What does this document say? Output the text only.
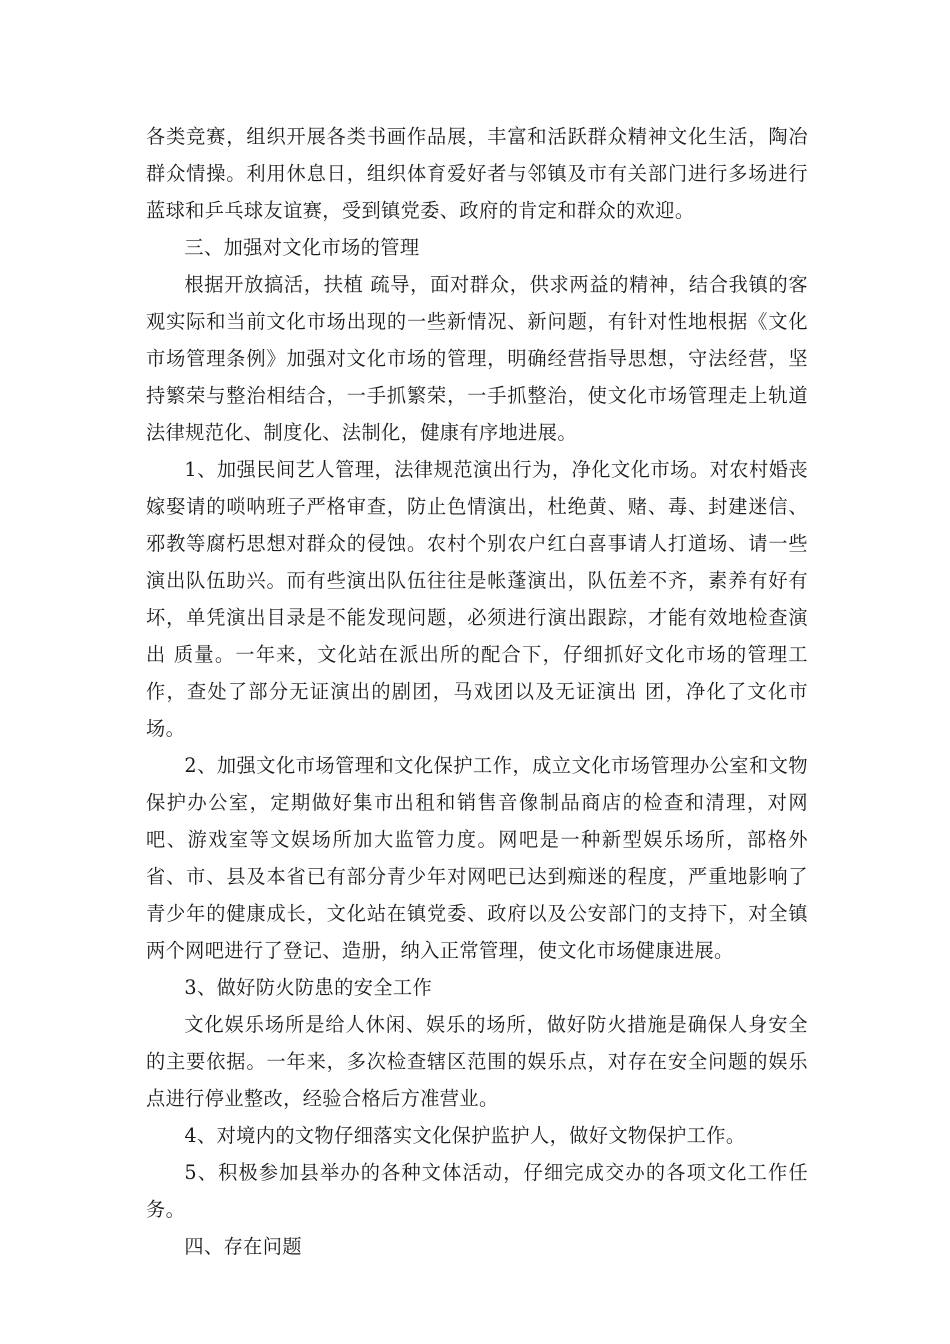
各类竞赛，组织开展各类书画作品展，丰富和活跃群众精神文化生活，陶冶群众情操。利用休息日，组织体育爱好者与邻镇及市有关部门进行多场进行蓝球和乒乓球友谊赛，受到镇党委、政府的肯定和群众的欢迎。

三、加强对文化市场的管理

根据开放搞活，扶植 疏导，面对群众，供求两益的精神，结合我镇的客观实际和当前文化市场出现的一些新情况、新问题，有针对性地根据《文化市场管理条例》加强对文化市场的管理，明确经营指导思想，守法经营，坚持繁荣与整治相结合，一手抓繁荣，一手抓整治，使文化市场管理走上轨道法律规范化、制度化、法制化，健康有序地进展。

1、加强民间艺人管理，法律规范演出行为，净化文化市场。对农村婚丧嫁娶请的唢呐班子严格审查，防止色情演出，杜绝黄、赌、毒、封建迷信、邪教等腐朽思想对群众的侵蚀。农村个别农户红白喜事请人打道场、请一些演出队伍助兴。而有些演出队伍往往是帐蓬演出，队伍差不齐，素养有好有坏，单凭演出目录是不能发现问题，必须进行演出跟踪，才能有效地检查演出 质量。一年来，文化站在派出所的配合下，仔细抓好文化市场的管理工作，查处了部分无证演出的剧团，马戏团以及无证演出 团，净化了文化市场。

2、加强文化市场管理和文化保护工作，成立文化市场管理办公室和文物保护办公室，定期做好集市出租和销售音像制品商店的检查和清理，对网吧、游戏室等文娱场所加大监管力度。网吧是一种新型娱乐场所，部格外省、市、县及本省已有部分青少年对网吧已达到痴迷的程度，严重地影响了青少年的健康成长，文化站在镇党委、政府以及公安部门的支持下，对全镇两个网吧进行了登记、造册，纳入正常管理，使文化市场健康进展。

3、做好防火防患的安全工作

文化娱乐场所是给人休闲、娱乐的场所，做好防火措施是确保人身安全的主要依据。一年来，多次检查辖区范围的娱乐点，对存在安全问题的娱乐点进行停业整改，经验合格后方准营业。

4、对境内的文物仔细落实文化保护监护人，做好文物保护工作。

5、积极参加县举办的各种文体活动，仔细完成交办的各项文化工作任务。

四、存在问题
